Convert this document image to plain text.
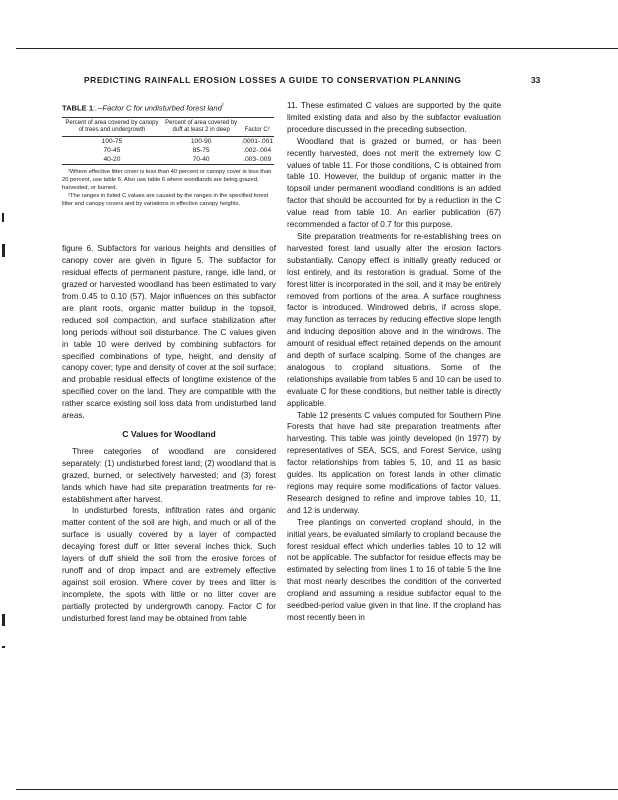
PREDICTING RAINFALL EROSION LOSSES A GUIDE TO CONSERVATION PLANNING	33
TABLE 1:.--Factor C for undisturbed forest land$^{^1}$
Percent of area covered by canopy of trees and undergrowth	Percent of area covered by duff at least 2 in deep	Factor C²
100-75	100-90	.0001-.001
70-45	85-75	.002-.004
40-20	70-40	.003-.009

¹Where effective litter cover is less than 40 percent or canopy cover is less than 20 percent, use table 6. Also use table 6 where woodlands are being grazed, harvested, or burned.

²The ranges in listed C values are caused by the ranges in the specified forest litter and canopy covers and by variations in effective canopy heights.

figure 6. Subfactors for various heights and densities of canopy cover are given in figure 5. The subfactor for residual effects of permanent pasture, range, idle land, or grazed or harvested woodland has been estimated to vary from 0.45 to 0.10 (57). Major influences on this subfactor are plant roots, organic matter buildup in the topsoil, reduced soil compaction, and surface stabilization after long periods without soil disturbance. The C values given in table 10 were derived by combining subfactors for specified combinations of type, height, and density of canopy cover; type and density of cover at the soil surface; and probable residual effects of longtime existence of the specified cover on the land. They are compatible with the rather scarce existing soil loss data from undisturbed land areas.

C Values for Woodland

Three categories of woodland are considered separately: (1) undisturbed forest land; (2) woodland that is grazed, burned, or selectively harvested; and (3) forest lands which have had site preparation treatments for re-establishment after harvest.

In undisturbed forests, infiltration rates and organic matter content of the soil are high, and much or all of the surface is usually covered by a layer of compacted decaying forest duff or litter several inches thick. Such layers of duff shield the soil from the erosive forces of runoff and of drop impact and are extremely effective against soil erosion. Where cover by trees and litter is incomplete, the spots with little or no litter cover are partially protected by undergrowth canopy. Factor C for undisturbed forest land may be obtained from table

11. These estimated C values are supported by the quite limited existing data and also by the subfactor evaluation procedure discussed in the preceding subsection.

Woodland that is grazed or burned, or has been recently harvested, does not merit the extremely low C values of table 11. For those conditions, C is obtained from table 10. However, the buildup of organic matter in the topsoil under permanent woodland conditions is an added factor that should be accounted for by a reduction in the C value read from table 10. An earlier publication (67) recommended a factor of 0.7 for this purpose.

Site preparation treatments for re-establishing trees on harvested forest land usually alter the erosion factors substantially. Canopy effect is initially greatly reduced or lost entirely, and its restoration is gradual. Some of the forest litter is incorporated in the soil, and it may be entirely removed from portions of the area. A surface roughness factor is introduced. Windrowed debris, if across slope, may function as terraces by reducing effective slope length and inducing deposition above and in the windrows. The amount of residual effect retained depends on the amount and depth of surface scalping. Some of the changes are analogous to cropland situations. Some of the relationships available from tables 5 and 10 can be used to evaluate C for these conditions, but neither table is directly applicable.

Table 12 presents C values computed for Southern Pine Forests that have had site preparation treatments after harvesting. This table was jointly developed (in 1977) by representatives of SEA, SCS, and Forest Service, using factor relationships from tables 5, 10, and 11 as basic guides. Its application on forest lands in other climatic regions may require some modifications of factor values. Research designed to refine and improve tables 10, 11, and 12 is underway.

Tree plantings on converted cropland should, in the initial years, be evaluated similarly to cropland because the forest residual effect which underlies tables 10 to 12 will not be applicable. The subfactor for residue effects may be estimated by selecting from lines 1 to 16 of table 5 the line that most nearly describes the condition of the converted cropland and assuming a residue subfactor equal to the seedbed-period value given in that line. If the cropland has most recently been in
